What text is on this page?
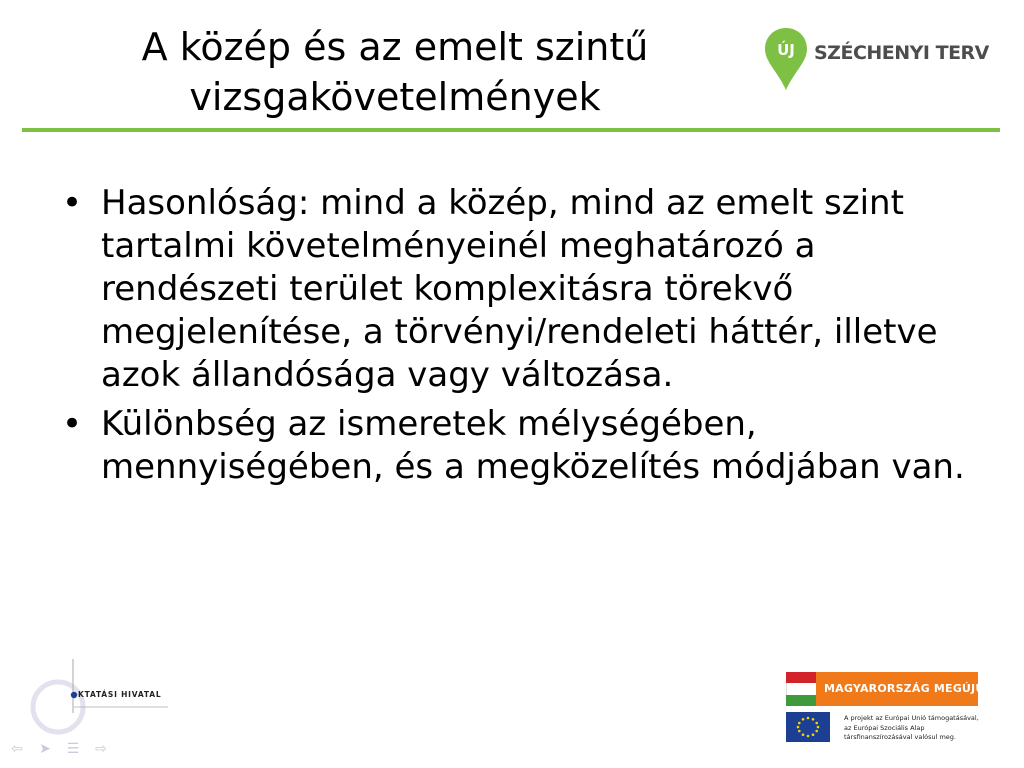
A közép és az emelt szintű
vizsgakövetelmények
ÚJ SZÉCHENYI TERV
• Hasonlóság: mind a közép, mind az emelt szint tartalmi követelményeinél meghatározó a rendészeti terület komplexitásra törekvő megjelenítése, a törvényi/rendeleti háttér, illetve azok állandósága vagy változása.
• Különbség az ismeretek mélységében, mennyiségében, és a megközelítés módjában van.
KTATÁSI HIVATAL
⇦ ➤ ☰ ⇨
MAGYARORSZÁG MEGÚJUL
A projekt az Európai Unió támogatásával,
az Európai Szociális Alap
társfinanszírozásával valósul meg.
